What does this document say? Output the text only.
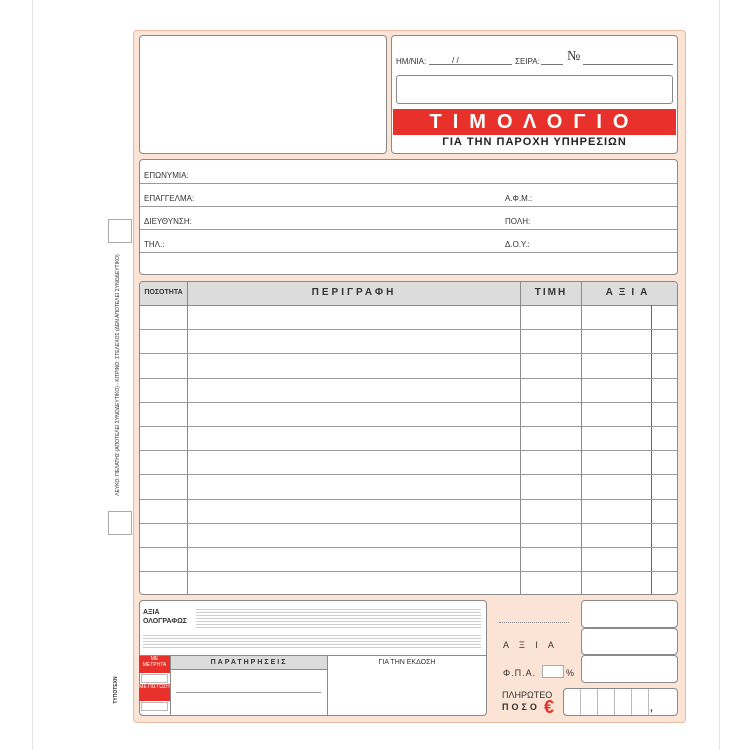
ΛΕΥΚΟ: ΠΕΛΑΤΗΣ (ΑΠΟΤΕΛΕΙ ΣΥΝΟΔΕΥΤΙΚΟ) - ΚΙΤΡΙΝΟ: ΣΤΕΛΕΧΟΣ (ΔΕΝ ΑΠΟΤΕΛΕΙ ΣΥΝΟΔΕΥΤΙΚΟ)
ΤΥΠΟΤΕΧΝ
ΗΜ/ΝΙΑ:	/ /	ΣΕΙΡΑ: №
ΤΙΜΟΛΟΓΙΟ
ΓΙΑ ΤΗΝ ΠΑΡΟΧΗ ΥΠΗΡΕΣΙΩΝ
ΕΠΩΝΥΜΙΑ:
ΕΠΑΓΓΕΛΜΑ:	Α.Φ.Μ.:
ΔΙΕΥΘΥΝΣΗ:	ΠΟΛΗ:
ΤΗΛ.:	Δ.Ο.Υ.:
ΠΟΣΟΤΗΤΑ	ΠΕΡΙΓΡΑΦΗ	ΤΙΜΗ	ΑΞΙΑ
ΑΞΙΑ
ΟΛΟΓΡΑΦΩΣ
ΠΑΡΑΤΗΡΗΣΕΙΣ	ΓΙΑ ΤΗΝ ΕΚΔΟΣΗ
ΜΕ ΜΕΤΡΗΤΑ
ΜΕ ΠΙΣΤΩΣΗ
Α Ξ Ι Α
Φ.Π.Α.	%
ΠΛΗΡΩΤΕΟ
ΠΟΣΟ €	,
